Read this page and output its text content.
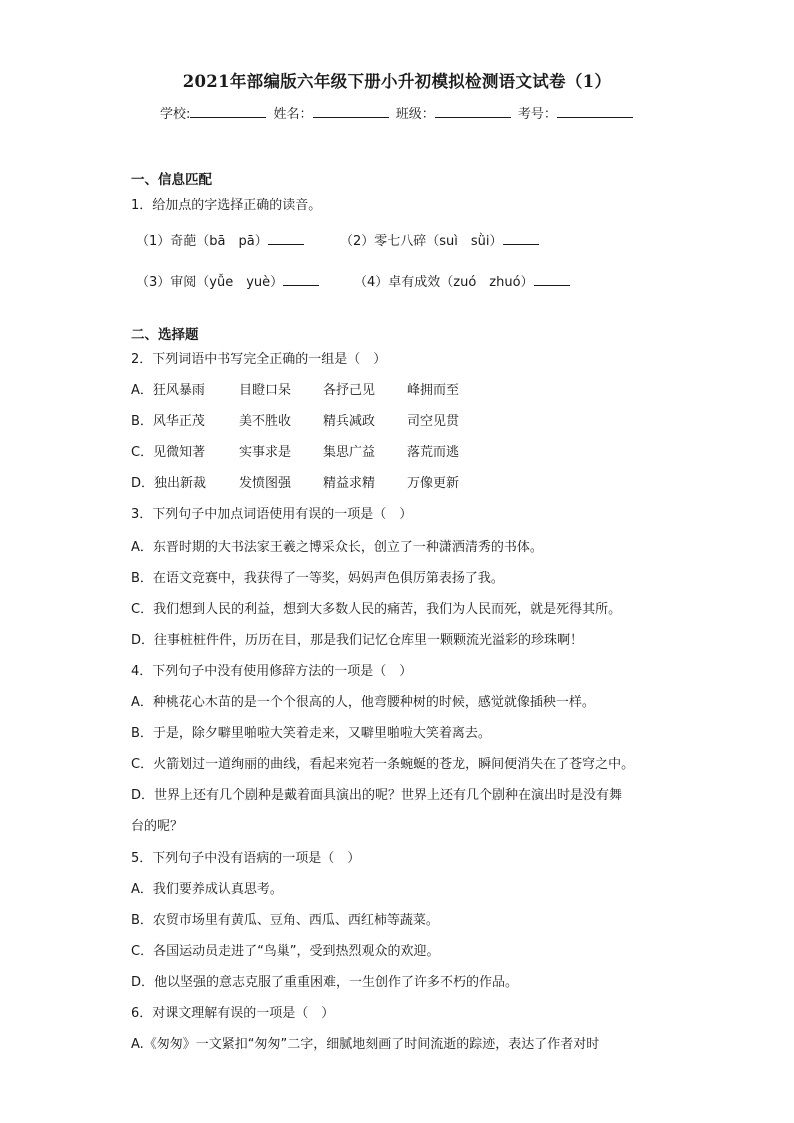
2021年部编版六年级下册小升初模拟检测语文试卷（1）
学校:	姓名：	班级：	考号：
一、信息匹配
1．给加点的字选择正确的读音。
（1）奇葩（bā　pā）	（2）零七八碎（suì　sǜi）
（3）审阅（yǚe　yuè）	（4）卓有成效（zuó　zhuó）
二、选择题
2．下列词语中书写完全正确的一组是（　）
A．狂风暴雨	目瞪口呆 各抒己见 峰拥而至
B．风华正茂	美不胜收 精兵减政 司空见贯
C．见微知著	实事求是 集思广益 落荒而逃
D．独出新裁	发愤图强 精益求精 万像更新
3．下列句子中加点词语使用有误的一项是（　）
A．东晋时期的大书法家王羲之博采众长，创立了一种潇洒清秀的书体。
B．在语文竞赛中，我获得了一等奖，妈妈声色俱厉第表扬了我。
C．我们想到人民的利益，想到大多数人民的痛苦，我们为人民而死，就是死得其所。
D．往事桩桩件件，历历在目，那是我们记忆仓库里一颗颗流光溢彩的珍珠啊！
4．下列句子中没有使用修辞方法的一项是（　）
A．种桃花心木苗的是一个个很高的人，他弯腰种树的时候，感觉就像插秧一样。
B．于是，除夕噼里啪啦大笑着走来，又噼里啪啦大笑着离去。
C．火箭划过一道绚丽的曲线，看起来宛若一条蜿蜒的苍龙，瞬间便消失在了苍穹之中。
D．世界上还有几个剧种是戴着面具演出的呢？世界上还有几个剧种在演出时是没有舞
台的呢？
5．下列句子中没有语病的一项是（　）
A．我们要养成认真思考。
B．农贸市场里有黄瓜、豆角、西瓜、西红柿等蔬菜。
C．各国运动员走进了“鸟巢”，受到热烈观众的欢迎。
D．他以坚强的意志克服了重重困难，一生创作了许多不朽的作品。
6．对课文理解有误的一项是（　）
A.《匆匆》一文紧扣“匆匆”二字，细腻地刻画了时间流逝的踪迹，表达了作者对时
